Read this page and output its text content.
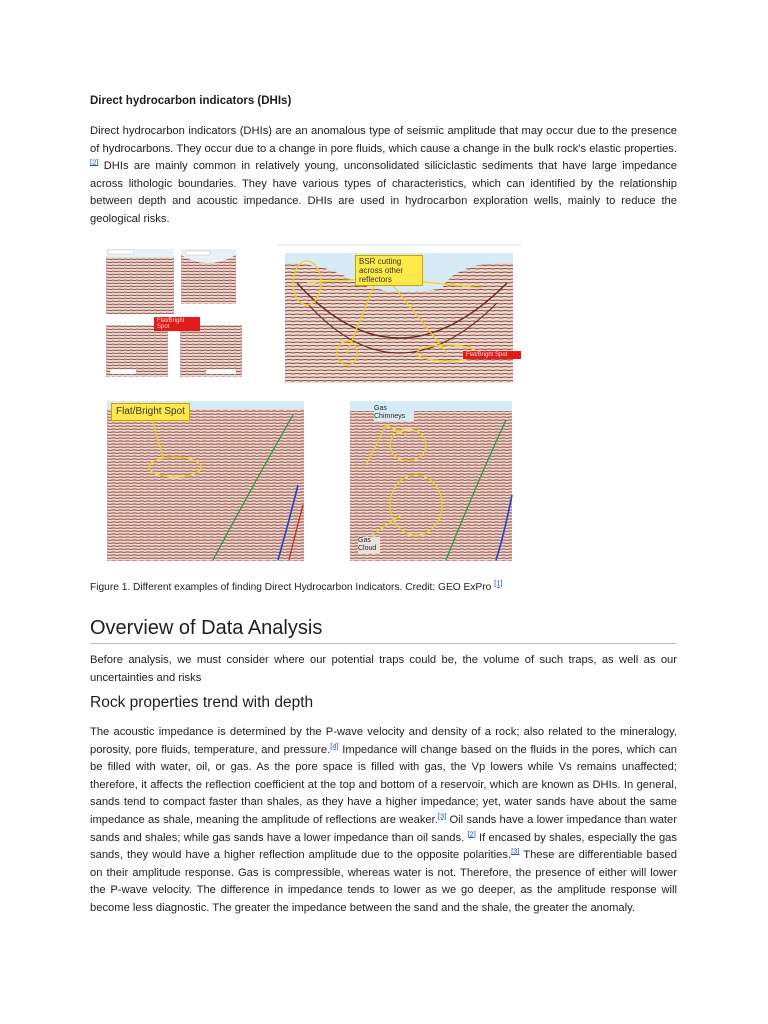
Direct hydrocarbon indicators (DHIs)
Direct hydrocarbon indicators (DHIs) are an anomalous type of seismic amplitude that may occur due to the presence of hydrocarbons. They occur due to a change in pore fluids, which cause a change in the bulk rock’s elastic properties. [2] DHIs are mainly common in relatively young, unconsolidated siliciclastic sediments that have large impedance across lithologic boundaries. They have various types of characteristics, which can identified by the relationship between depth and acoustic impedance. DHIs are used in hydrocarbon exploration wells, mainly to reduce the geological risks.
Flat/Bright Spot
BSR cutting across other reflectors
Flat/Bright Spot
Flat/Bright Spot	Gas Chimneys
Gas Cloud
Figure 1. Different examples of finding Direct Hydrocarbon Indicators. Credit: GEO ExPro [1]
Overview of Data Analysis
Before analysis, we must consider where our potential traps could be, the volume of such traps, as well as our uncertainties and risks
Rock properties trend with depth
The acoustic impedance is determined by the P-wave velocity and density of a rock; also related to the mineralogy, porosity, pore fluids, temperature, and pressure.[4] Impedance will change based on the fluids in the pores, which can be filled with water, oil, or gas. As the pore space is filled with gas, the Vp lowers while Vs remains unaffected; therefore, it affects the reflection coefficient at the top and bottom of a reservoir, which are known as DHIs. In general, sands tend to compact faster than shales, as they have a higher impedance; yet, water sands have about the same impedance as shale, meaning the amplitude of reflections are weaker.[3] Oil sands have a lower impedance than water sands and shales; while gas sands have a lower impedance than oil sands. [2] If encased by shales, especially the gas sands, they would have a higher reflection amplitude due to the opposite polarities.[3] These are differentiable based on their amplitude response. Gas is compressible, whereas water is not. Therefore, the presence of either will lower the P-wave velocity. The difference in impedance tends to lower as we go deeper, as the amplitude response will become less diagnostic. The greater the impedance between the sand and the shale, the greater the anomaly.
